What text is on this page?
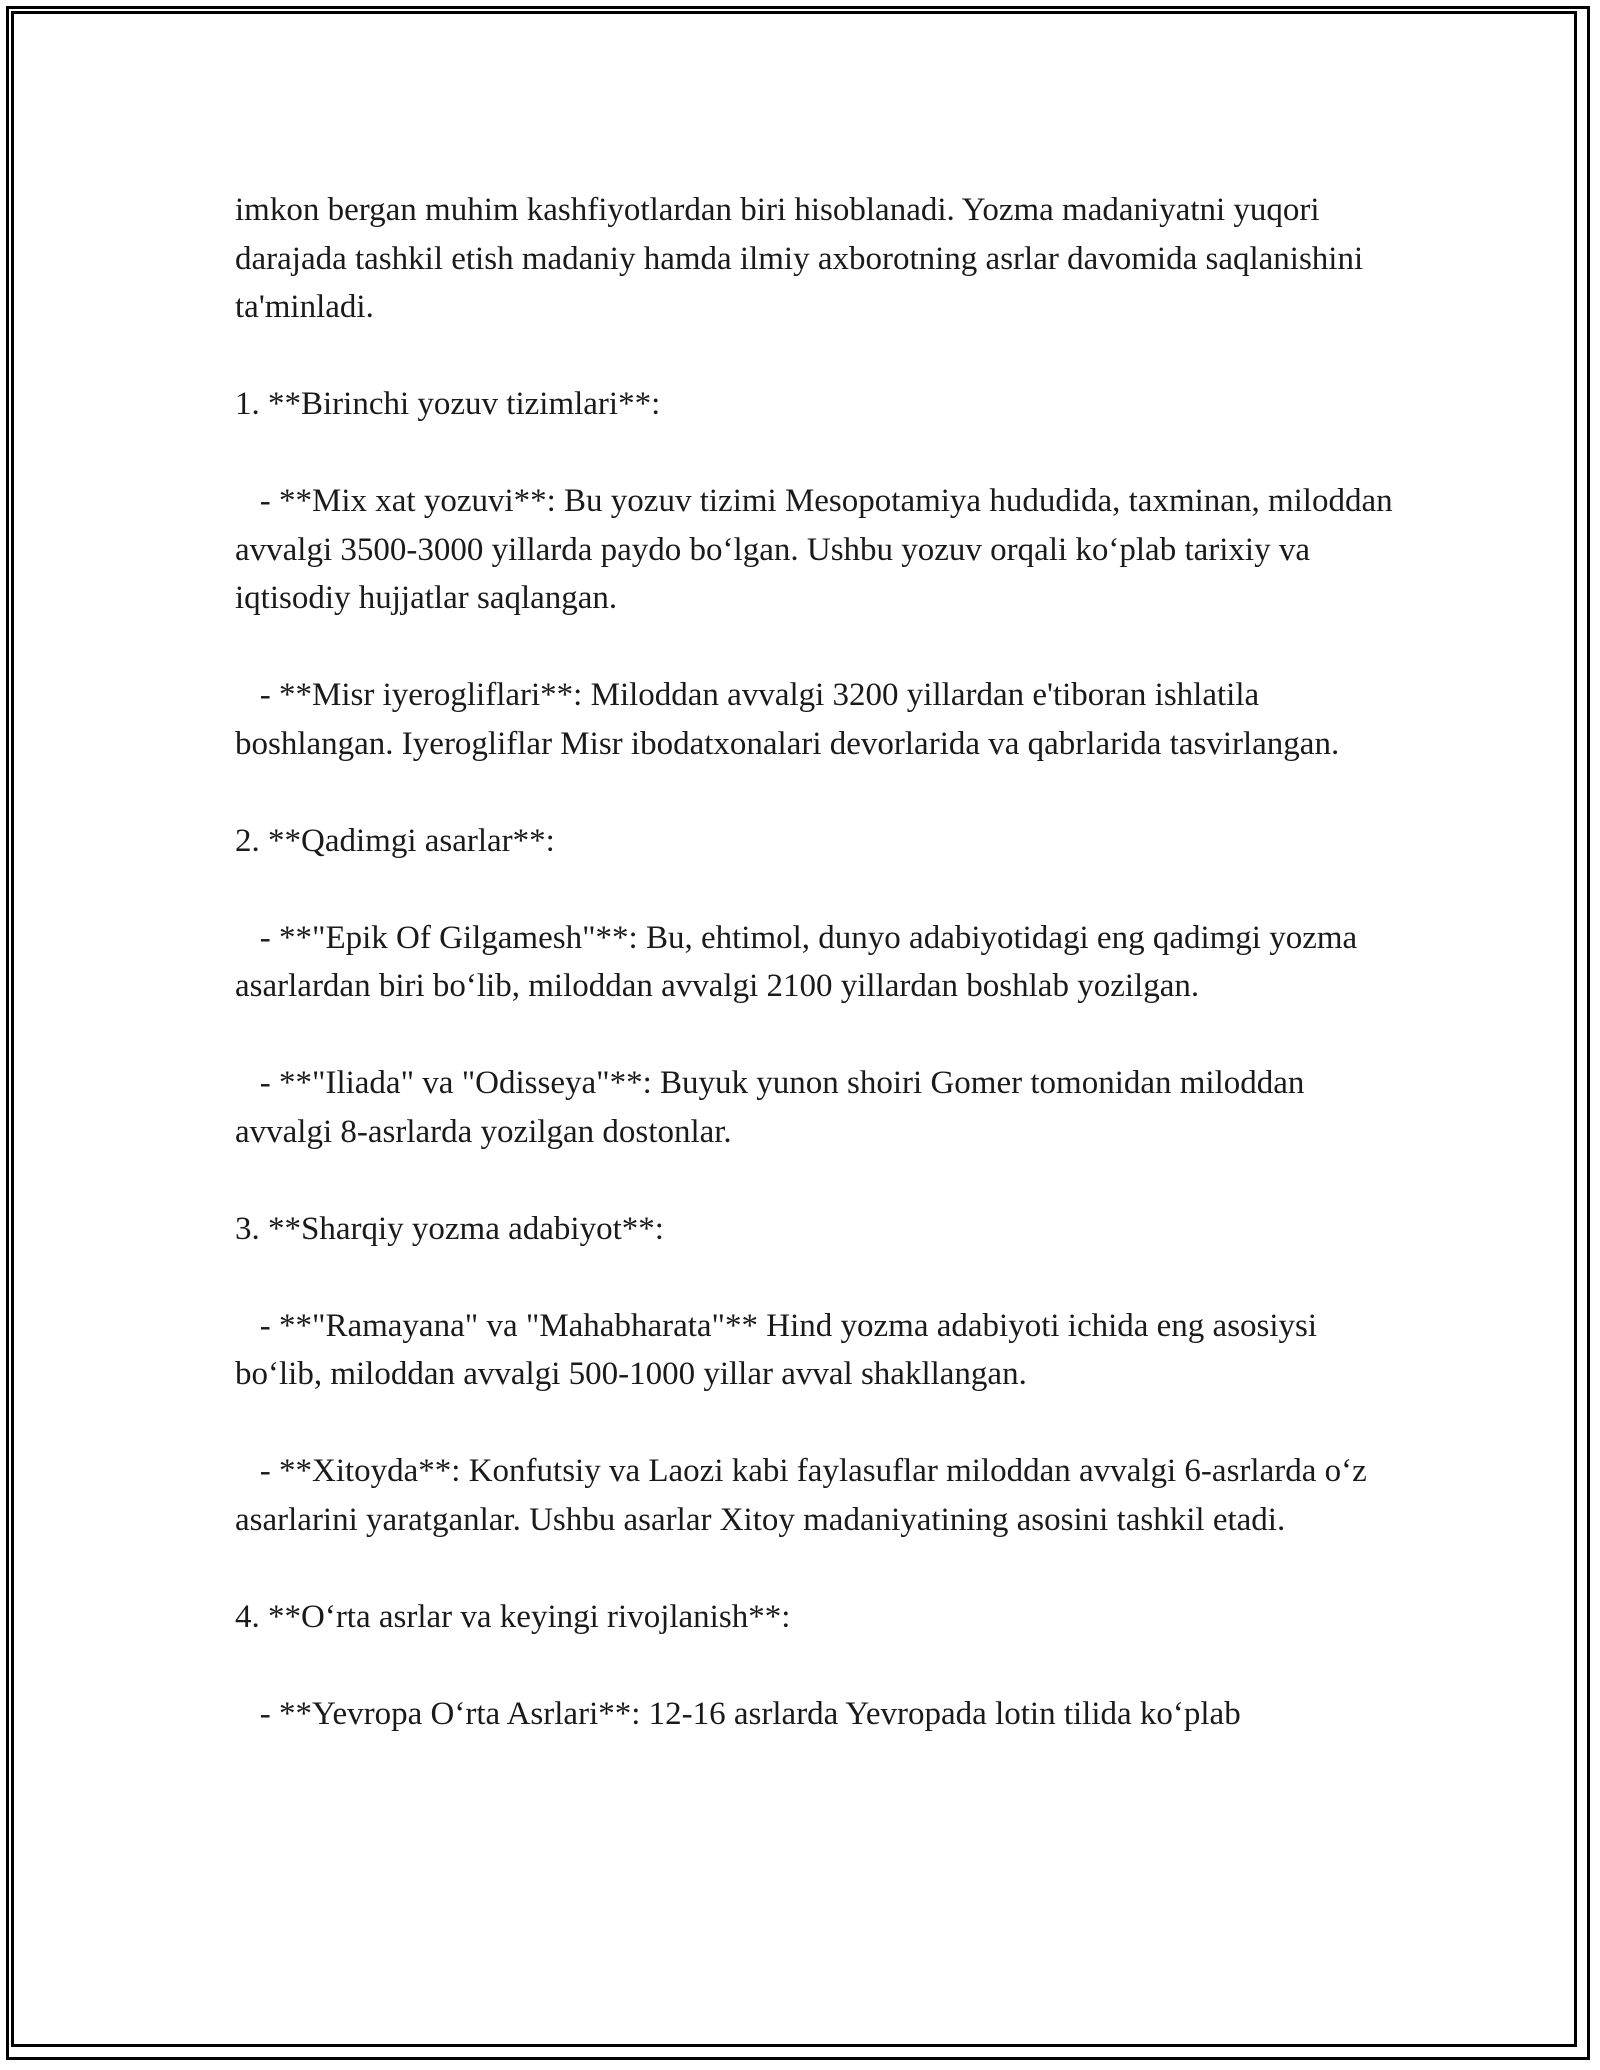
imkon bergan muhim kashfiyotlardan biri hisoblanadi. Yozma madaniyatni yuqori darajada tashkil etish madaniy hamda ilmiy axborotning asrlar davomida saqlanishini ta'minladi.

1. **Birinchi yozuv tizimlari**:

- **Mix xat yozuvi**: Bu yozuv tizimi Mesopotamiya hududida, taxminan, miloddan avvalgi 3500-3000 yillarda paydo bo‘lgan. Ushbu yozuv orqali ko‘plab tarixiy va iqtisodiy hujjatlar saqlangan.

- **Misr iyerogliflari**: Miloddan avvalgi 3200 yillardan e'tiboran ishlatila boshlangan. Iyerogliflar Misr ibodatxonalari devorlarida va qabrlarida tasvirlangan.

2. **Qadimgi asarlar**:

- **"Epik Of Gilgamesh"**: Bu, ehtimol, dunyo adabiyotidagi eng qadimgi yozma asarlardan biri bo‘lib, miloddan avvalgi 2100 yillardan boshlab yozilgan.

- **"Iliada" va "Odisseya"**: Buyuk yunon shoiri Gomer tomonidan miloddan avvalgi 8-asrlarda yozilgan dostonlar.

3. **Sharqiy yozma adabiyot**:

- **"Ramayana" va "Mahabharata"** Hind yozma adabiyoti ichida eng asosiysi bo‘lib, miloddan avvalgi 500-1000 yillar avval shakllangan.

- **Xitoyda**: Konfutsiy va Laozi kabi faylasuflar miloddan avvalgi 6-asrlarda o‘z asarlarini yaratganlar. Ushbu asarlar Xitoy madaniyatining asosini tashkil etadi.

4. **O‘rta asrlar va keyingi rivojlanish**:

- **Yevropa O‘rta Asrlari**: 12-16 asrlarda Yevropada lotin tilida ko‘plab
